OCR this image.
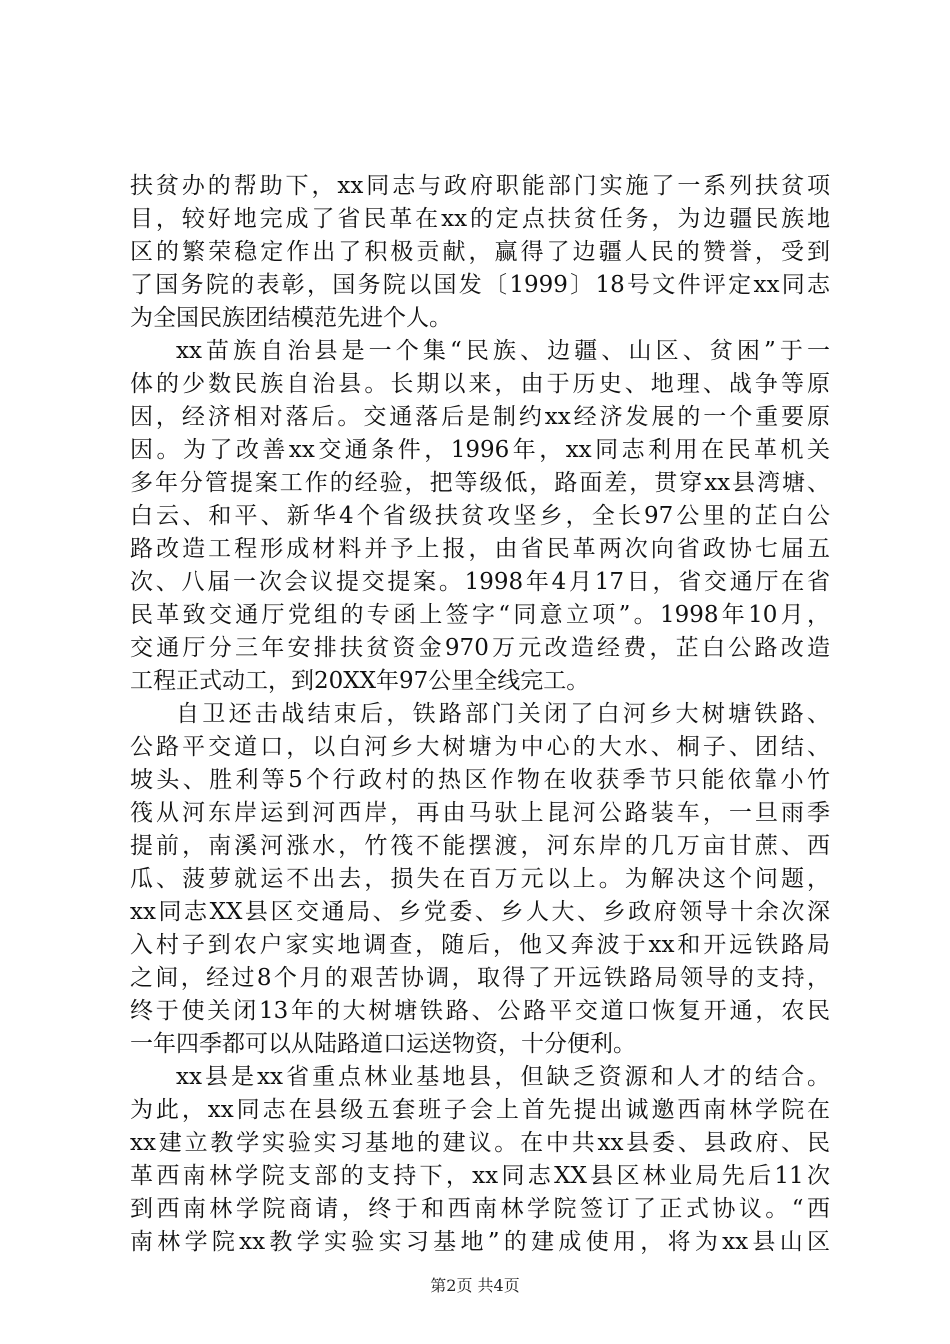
扶贫办的帮助下，xx同志与政府职能部门实施了一系列扶贫项
目，较好地完成了省民革在xx的定点扶贫任务，为边疆民族地
区的繁荣稳定作出了积极贡献，赢得了边疆人民的赞誉，受到
了国务院的表彰，国务院以国发〔1999〕18号文件评定xx同志
为全国民族团结模范先进个人。
xx苗族自治县是一个集“民族、边疆、山区、贫困”于一
体的少数民族自治县。长期以来，由于历史、地理、战争等原
因，经济相对落后。交通落后是制约xx经济发展的一个重要原
因。为了改善xx交通条件，1996年，xx同志利用在民革机关
多年分管提案工作的经验，把等级低，路面差，贯穿xx县湾塘、
白云、和平、新华4个省级扶贫攻坚乡，全长97公里的芷白公
路改造工程形成材料并予上报，由省民革两次向省政协七届五
次、八届一次会议提交提案。1998年4月17日，省交通厅在省
民革致交通厅党组的专函上签字“同意立项”。1998年10月，
交通厅分三年安排扶贫资金970万元改造经费，芷白公路改造
工程正式动工，到20XX年97公里全线完工。
自卫还击战结束后，铁路部门关闭了白河乡大树塘铁路、
公路平交道口，以白河乡大树塘为中心的大水、桐子、团结、
坡头、胜利等5个行政村的热区作物在收获季节只能依靠小竹
筏从河东岸运到河西岸，再由马驮上昆河公路装车，一旦雨季
提前，南溪河涨水，竹筏不能摆渡，河东岸的几万亩甘蔗、西
瓜、菠萝就运不出去，损失在百万元以上。为解决这个问题，
xx同志XX县区交通局、乡党委、乡人大、乡政府领导十余次深
入村子到农户家实地调查，随后，他又奔波于xx和开远铁路局
之间，经过8个月的艰苦协调，取得了开远铁路局领导的支持，
终于使关闭13年的大树塘铁路、公路平交道口恢复开通，农民
一年四季都可以从陆路道口运送物资，十分便利。
xx县是xx省重点林业基地县，但缺乏资源和人才的结合。
为此，xx同志在县级五套班子会上首先提出诚邀西南林学院在
xx建立教学实验实习基地的建议。在中共xx县委、县政府、民
革西南林学院支部的支持下，xx同志XX县区林业局先后11次
到西南林学院商请，终于和西南林学院签订了正式协议。“西
南林学院xx教学实验实习基地”的建成使用，将为xx县山区
第2页 共4页
